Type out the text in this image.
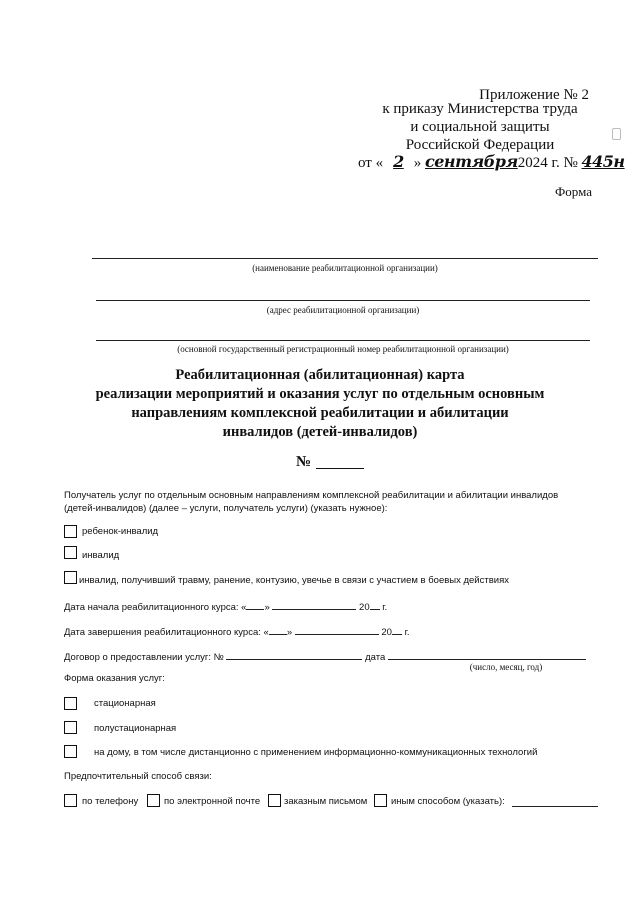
Приложение № 2
к приказу Министерства труда
и социальной защиты
Российской Федерации
от « 2 » сентября2024 г. № 445н
Форма
(наименование реабилитационной организации)
(адрес реабилитационной организации)
(основной государственный регистрационный номер реабилитационной организации)
Реабилитационная (абилитационная) карта
реализации мероприятий и оказания услуг по отдельным основным
направлениям комплексной реабилитации и абилитации
инвалидов (детей-инвалидов)
№
Получатель услуг по отдельным основным направлениям комплексной реабилитации и абилитации инвалидов
(детей-инвалидов) (далее – услуги, получатель услуги) (указать нужное):
ребенок-инвалид
инвалид
инвалид, получивший травму, ранение, контузию, увечье в связи с участием в боевых действиях
Дата начала реабилитационного курса: « »	20 г.
Дата завершения реабилитационного курса: « »	20 г.
Договор о предоставлении услуг: №	дата
(число, месяц, год)
Форма оказания услуг:
стационарная
полустационарная
на дому, в том числе дистанционно с применением информационно-коммуникационных технологий
Предпочтительный способ связи:
по телефону	по электронной почте	заказным письмом иным способом (указать):
